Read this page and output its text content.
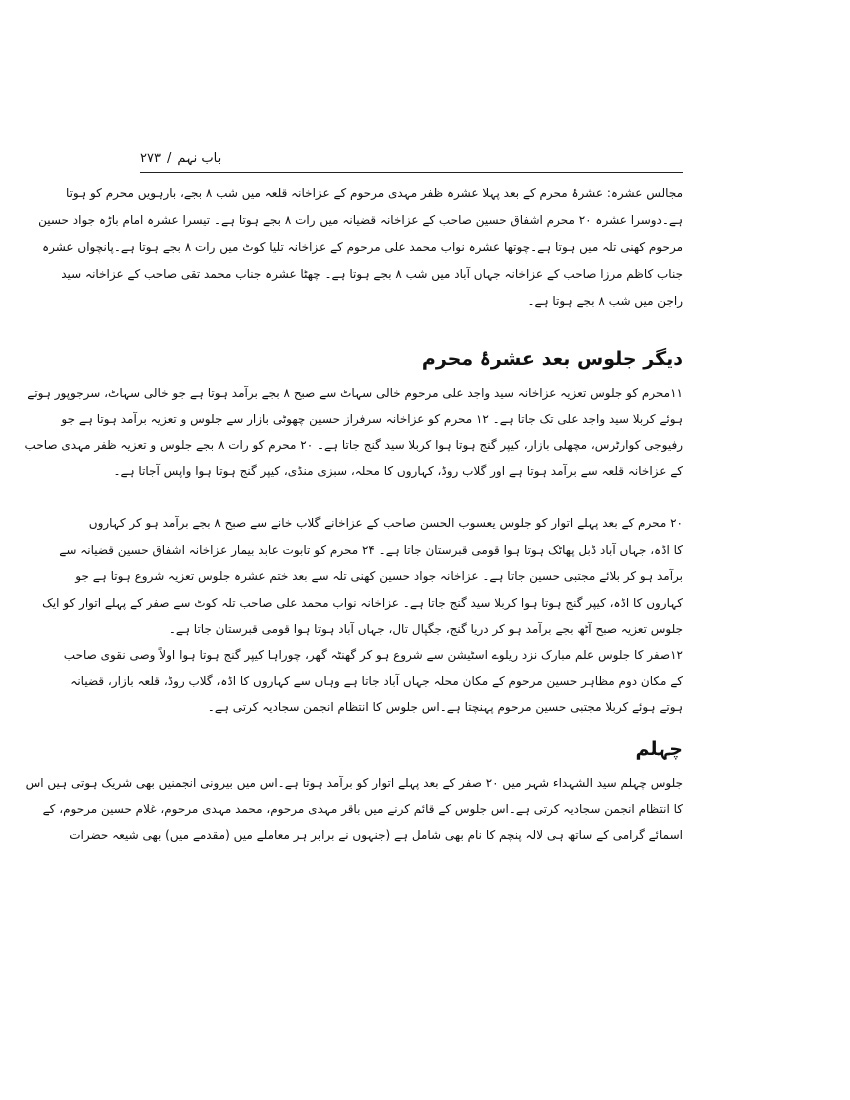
باب نہم
/
۲۷۳
مجالس عشرہ: عشرۂ محرم کے بعد پہلا عشرہ ظفر مہدی مرحوم کے عزاخانہ قلعہ میں شب ۸ بجے، بارہویں محرم کو ہوتا
ہے۔دوسرا عشرہ ۲۰ محرم اشفاق حسین صاحب کے عزاخانہ قضیانہ میں رات ۸ بجے ہوتا ہے۔ تیسرا عشرہ امام باڑہ جواد حسین
مرحوم کھنی تلہ میں ہوتا ہے۔چوتھا عشرہ نواب محمد علی مرحوم کے عزاخانہ تلیا کوٹ میں رات ۸ بجے ہوتا ہے۔پانچواں عشرہ
جناب کاظم مرزا صاحب کے عزاخانہ جہاں آباد میں شب ۸ بجے ہوتا ہے۔ چھٹا عشرہ جناب محمد تقی صاحب کے عزاخانہ سید
راجن میں شب ۸ بجے ہوتا ہے۔
دیگر جلوس بعد عشرۂ محرم
۱۱محرم کو جلوس تعزیہ عزاخانہ سید واجد علی مرحوم خالی سہاٹ سے صبح ۸ بجے برآمد ہوتا ہے جو خالی سہاٹ، سرجوپور ہوتے
ہوئے کربلا سید واجد علی تک جاتا ہے۔ ۱۲ محرم کو عزاخانہ سرفراز حسین چھوٹی بازار سے جلوس و تعزیہ برآمد ہوتا ہے جو
رفیوجی کوارٹرس، مچھلی بازار، کیپر گنج ہوتا ہوا کربلا سید گنج جاتا ہے۔ ۲۰ محرم کو رات ۸ بجے جلوس و تعزیہ ظفر مہدی صاحب
کے عزاخانہ قلعہ سے برآمد ہوتا ہے اور گلاب روڈ، کہاروں کا محلہ، سبزی منڈی، کیپر گنج ہوتا ہوا واپس آجاتا ہے۔
۲۰ محرم کے بعد پہلے اتوار کو جلوس یعسوب الحسن صاحب کے عزاخانے گلاب خانے سے صبح ۸ بجے برآمد ہو کر کہاروں
کا اڈہ، جہاں آباد ڈبل پھاٹک ہوتا ہوا قومی قبرستان جاتا ہے۔ ۲۴ محرم کو تابوت عابد بیمار عزاخانہ اشفاق حسین قضیانہ سے
برآمد ہو کر بلائے مجتبی حسین جاتا ہے۔ عزاخانہ جواد حسین کھنی تلہ سے بعد ختم عشرہ جلوس تعزیہ شروع ہوتا ہے جو
کہاروں کا اڈہ، کیپر گنج ہوتا ہوا کربلا سید گنج جاتا ہے۔ عزاخانہ نواب محمد علی صاحب تلہ کوٹ سے صفر کے پہلے اتوار کو ایک
جلوس تعزیہ صبح آٹھ بجے برآمد ہو کر دریا گنج، جگپال تال، جہاں آباد ہوتا ہوا قومی قبرستان جاتا ہے۔
۱۲صفر کا جلوس علم مبارک نزد ریلوے اسٹیشن سے شروع ہو کر گھنٹہ گھر، چوراہا کیپر گنج ہوتا ہوا اولاً وصی نقوی صاحب
کے مکان دوم مظاہر حسین مرحوم کے مکان محلہ جہاں آباد جاتا ہے وہاں سے کہاروں کا اڈہ، گلاب روڈ، قلعہ بازار، قضیانہ
ہوتے ہوئے کربلا مجتبی حسین مرحوم پہنچتا ہے۔اس جلوس کا انتظام انجمن سجادیہ کرتی ہے۔
چہلم
جلوس چہلم سید الشہداء شہر میں ۲۰ صفر کے بعد پہلے اتوار کو برآمد ہوتا ہے۔اس میں بیرونی انجمنیں بھی شریک ہوتی ہیں اس
کا انتظام انجمن سجادیہ کرتی ہے۔اس جلوس کے قائم کرنے میں باقر مہدی مرحوم، محمد مہدی مرحوم، غلام حسین مرحوم، کے
اسمائے گرامی کے ساتھ ہی لالہ پنچم کا نام بھی شامل ہے (جنہوں نے برابر ہر معاملے میں (مقدمے میں) بھی شیعہ حضرات
